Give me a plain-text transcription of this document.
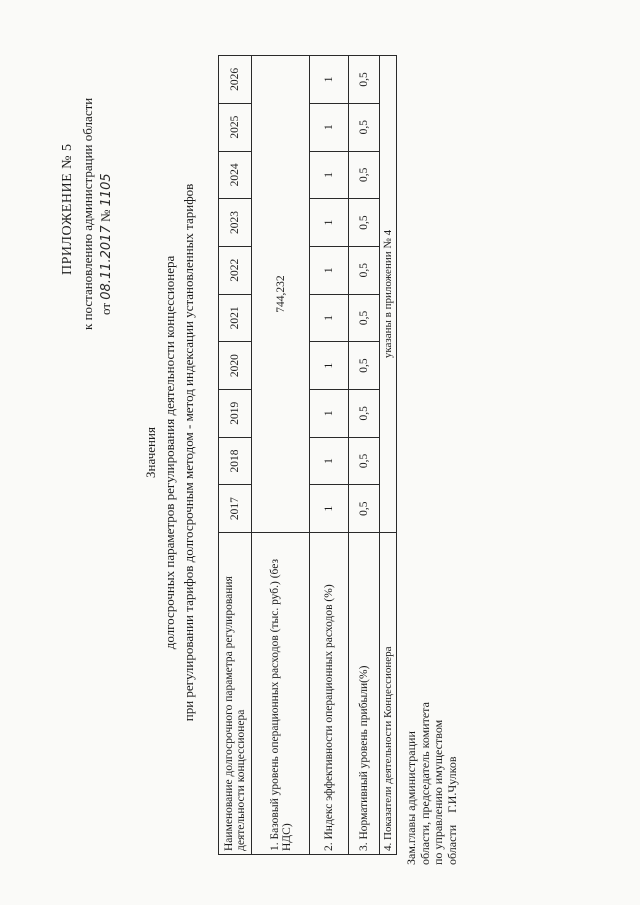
ПРИЛОЖЕНИЕ № 5 к постановлению администрации области от 08.11.2017 № 1105
Значения долгосрочных параметров регулирования деятельности концессионера при регулировании тарифов долгосрочным методом - метод индексации установленных тарифов Наименование долгосрочного параметра регулирования деятельности концессионера	2017	2018	2019	2020	2021	2022	2023	2024	2025	2026
1. Базовый уровень операционных расходов (тыс. руб.) (без НДС)	744,232									
2. Индекс эффективности операционных расходов (%)	1	1	1	1	1	1	1	1	1	1
3. Нормативный уровень прибыли(%)	0,5	0,5	0,5	0,5	0,5	0,5	0,5	0,5	0,5	0,5
4. Показатели деятельности Концессионера	указаны в приложении № 4									
Зам.главы администрации области, председатель комитета по управлению имуществом области    Г.И.Чулков
